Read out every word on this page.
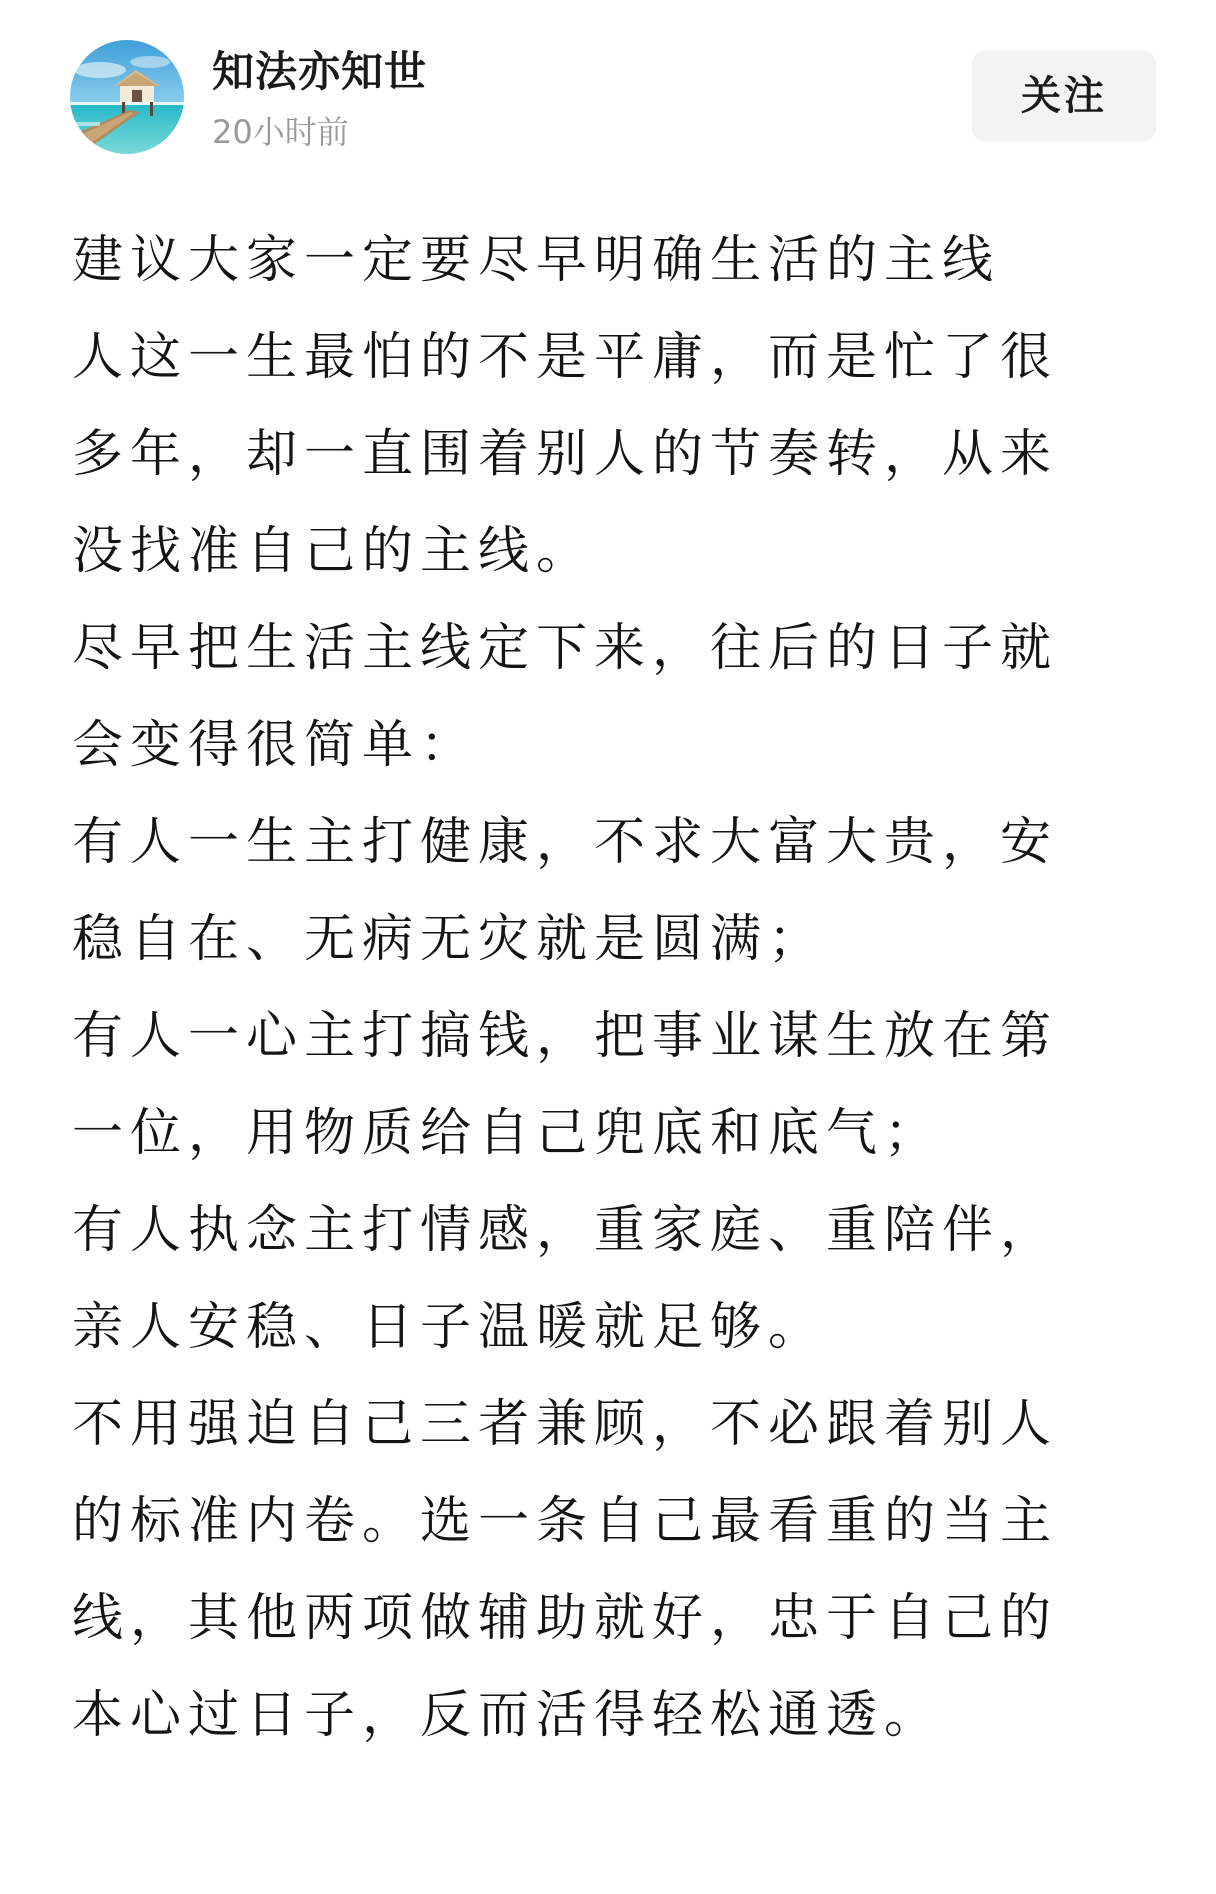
知法亦知世
20小时前
关注

建议大家一定要尽早明确生活的主线

人这一生最怕的不是平庸，而是忙了很多年，却一直围着别人的节奏转，从来没找准自己的主线。

尽早把生活主线定下来，往后的日子就会变得很简单：

有人一生主打健康，不求大富大贵，安稳自在、无病无灾就是圆满；

有人一心主打搞钱，把事业谋生放在第一位，用物质给自己兜底和底气；

有人执念主打情感，重家庭、重陪伴，亲人安稳、日子温暖就足够。

不用强迫自己三者兼顾，不必跟着别人的标准内卷。选一条自己最看重的当主线，其他两项做辅助就好，忠于自己的本心过日子，反而活得轻松通透。
